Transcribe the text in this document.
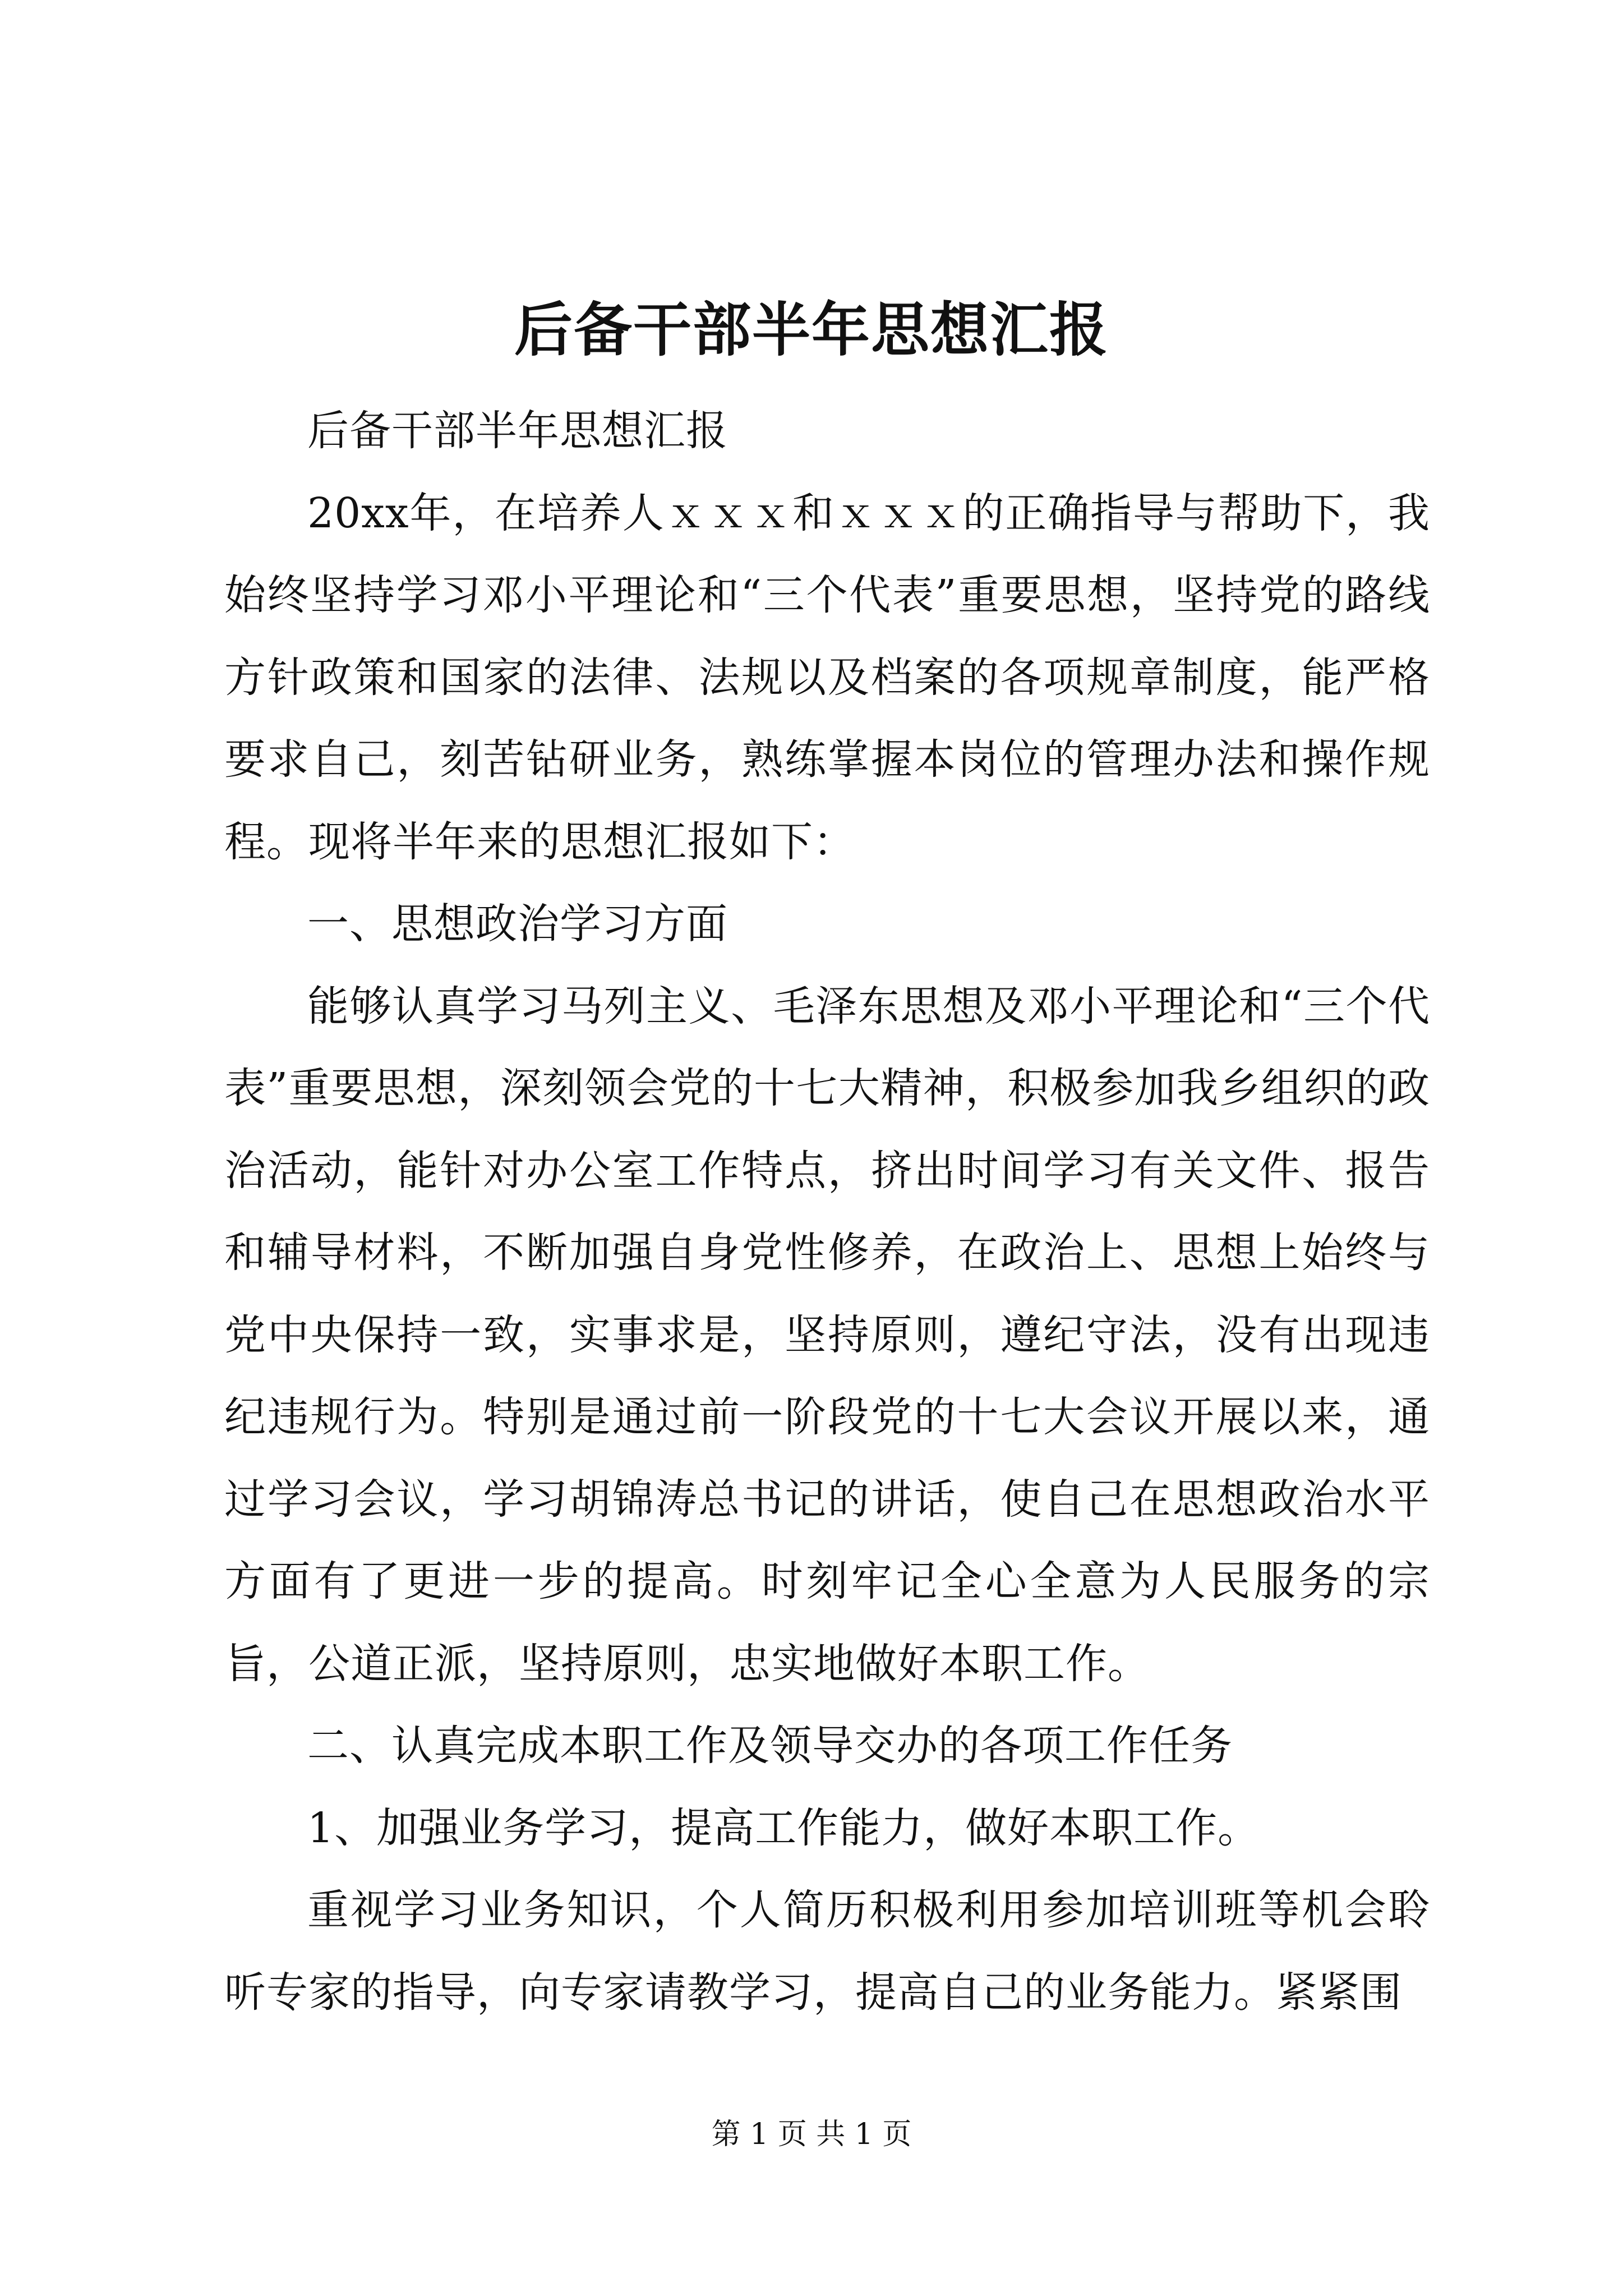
后备干部半年思想汇报

后备干部半年思想汇报

20xx年，在培养人ｘｘｘ和ｘｘｘ的正确指导与帮助下，我始终坚持学习邓小平理论和“三个代表”重要思想，坚持党的路线方针政策和国家的法律、法规以及档案的各项规章制度，能严格要求自己，刻苦钻研业务，熟练掌握本岗位的管理办法和操作规程。现将半年来的思想汇报如下：

一、思想政治学习方面

能够认真学习马列主义、毛泽东思想及邓小平理论和“三个代表”重要思想，深刻领会党的十七大精神，积极参加我乡组织的政治活动，能针对办公室工作特点，挤出时间学习有关文件、报告和辅导材料，不断加强自身党性修养，在政治上、思想上始终与党中央保持一致，实事求是，坚持原则，遵纪守法，没有出现违纪违规行为。特别是通过前一阶段党的十七大会议开展以来，通过学习会议，学习胡锦涛总书记的讲话，使自己在思想政治水平方面有了更进一步的提高。时刻牢记全心全意为人民服务的宗旨，公道正派，坚持原则，忠实地做好本职工作。

二、认真完成本职工作及领导交办的各项工作任务

1、加强业务学习，提高工作能力，做好本职工作。

重视学习业务知识，个人简历积极利用参加培训班等机会聆听专家的指导，向专家请教学习，提高自己的业务能力。紧紧围

第 1 页 共 1 页
